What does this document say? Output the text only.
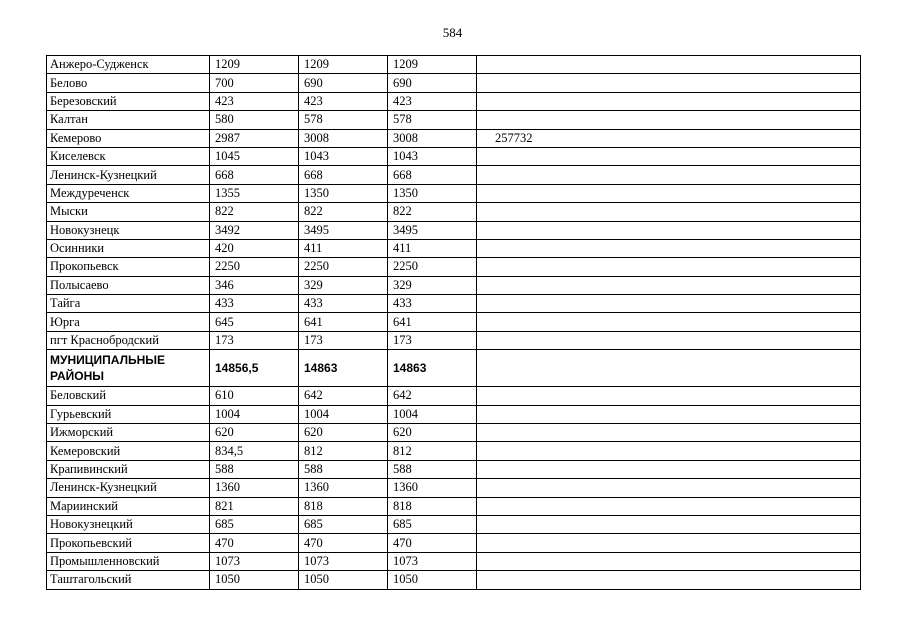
584
Анжеро-Судженск	1209	1209	1209	
Белово	700	690	690	
Березовский	423	423	423	
Калтан	580	578	578	
Кемерово	2987	3008	3008	257732
Киселевск	1045	1043	1043	
Ленинск-Кузнецкий	668	668	668	
Междуреченск	1355	1350	1350	
Мыски	822	822	822	
Новокузнецк	3492	3495	3495	
Осинники	420	411	411	
Прокопьевск	2250	2250	2250	
Полысаево	346	329	329	
Тайга	433	433	433	
Юрга	645	641	641	
пгт Краснобродский	173	173	173	
МУНИЦИПАЛЬНЫЕ РАЙОНЫ	14856,5	14863	14863	
Беловский	610	642	642	
Гурьевский	1004	1004	1004	
Ижморский	620	620	620	
Кемеровский	834,5	812	812	
Крапивинский	588	588	588	
Ленинск-Кузнецкий	1360	1360	1360	
Мариинский	821	818	818	
Новокузнецкий	685	685	685	
Прокопьевский	470	470	470	
Промышленновский	1073	1073	1073	
Таштагольский	1050	1050	1050	
